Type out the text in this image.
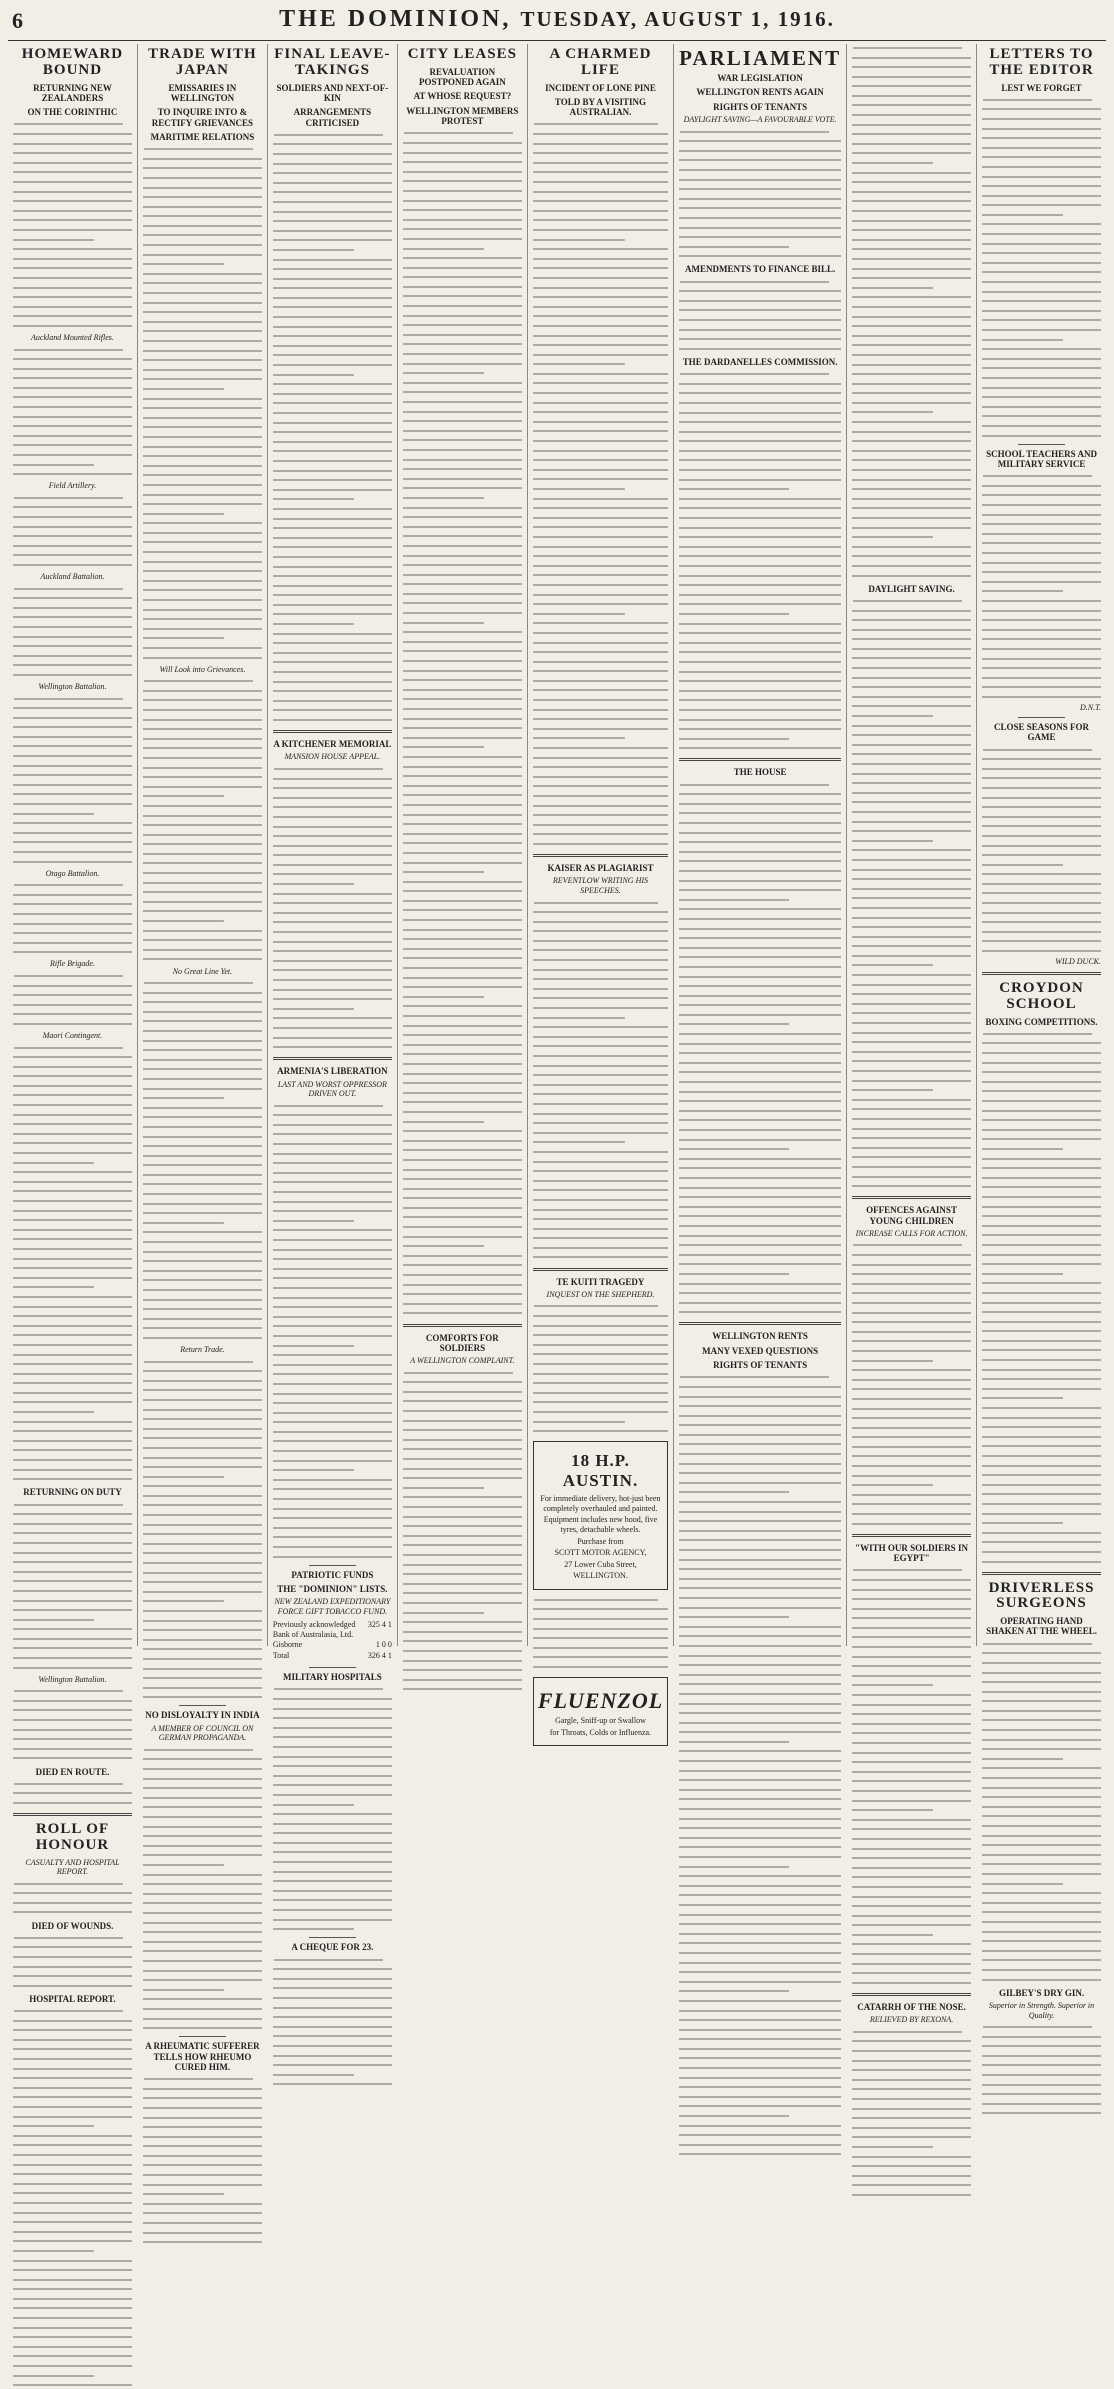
6	THE DOMINION, TUESDAY, AUGUST 1, 1916.
HOMEWARD BOUND
RETURNING NEW ZEALANDERS
ON THE CORINTHIC
Auckland Mounted Rifles.
Field Artillery.
Auckland Battalion.
Wellington Battalion.
Otago Battalion.
Rifle Brigade.
Maori Contingent.
RETURNING ON DUTY
Wellington Battalion.
DIED EN ROUTE.
ROLL OF HONOUR
CASUALTY AND HOSPITAL REPORT.
DIED OF WOUNDS.
HOSPITAL REPORT.
TRADE WITH JAPAN
EMISSARIES IN WELLINGTON
TO INQUIRE INTO & RECTIFY GRIEVANCES
MARITIME RELATIONS
Will Look into Grievances.
No Great Line Yet.
Return Trade.
NO DISLOYALTY IN INDIA
A MEMBER OF COUNCIL ON GERMAN PROPAGANDA.
A RHEUMATIC SUFFERER TELLS HOW RHEUMO CURED HIM.
FINAL LEAVE-TAKINGS
SOLDIERS AND NEXT-OF-KIN
ARRANGEMENTS CRITICISED
A KITCHENER MEMORIAL
MANSION HOUSE APPEAL.
ARMENIA'S LIBERATION
LAST AND WORST OPPRESSOR DRIVEN OUT.
PATRIOTIC FUNDS
THE "DOMINION" LISTS.
NEW ZEALAND EXPEDITIONARY FORCE GIFT TOBACCO FUND.
Previously acknowledged 325 4 1
Bank of Australasia, Ltd.
Gisborne	1 0 0
Total	326 4 1
MILITARY HOSPITALS
A CHEQUE FOR 23.
CITY LEASES
REVALUATION POSTPONED AGAIN
AT WHOSE REQUEST?
WELLINGTON MEMBERS PROTEST
COMFORTS FOR SOLDIERS
A WELLINGTON COMPLAINT.
A CHARMED LIFE
INCIDENT OF LONE PINE
TOLD BY A VISITING AUSTRALIAN.
KAISER AS PLAGIARIST
REVENTLOW WRITING HIS SPEECHES.
TE KUITI TRAGEDY
INQUEST ON THE SHEPHERD.
18 H.P. AUSTIN.
For immediate delivery, hot-just been completely overhauled and painted.
Equipment includes new hood, five tyres, detachable wheels.
Purchase from
SCOTT MOTOR AGENCY,
27 Lower Cuba Street,
WELLINGTON.
FLUENZOL
Gargle, Sniff-up or Swallow
for Throats, Colds or Influenza.
PARLIAMENT
WAR LEGISLATION
WELLINGTON RENTS AGAIN
RIGHTS OF TENANTS
DAYLIGHT SAVING—A FAVOURABLE VOTE.
AMENDMENTS TO FINANCE BILL.
THE DARDANELLES COMMISSION.
THE HOUSE
WELLINGTON RENTS
MANY VEXED QUESTIONS
RIGHTS OF TENANTS
DAYLIGHT SAVING.
OFFENCES AGAINST YOUNG CHILDREN
INCREASE CALLS FOR ACTION.
"WITH OUR SOLDIERS IN EGYPT"
CATARRH OF THE NOSE.
RELIEVED BY REXONA.
LETTERS TO THE EDITOR
LEST WE FORGET
SCHOOL TEACHERS AND MILITARY SERVICE
D.N.T.
CLOSE SEASONS FOR GAME
WILD DUCK.
CROYDON SCHOOL
BOXING COMPETITIONS.
DRIVERLESS SURGEONS
OPERATING HAND SHAKEN AT THE WHEEL.
GILBEY'S DRY GIN.
Superior in Strength. Superior in Quality.
